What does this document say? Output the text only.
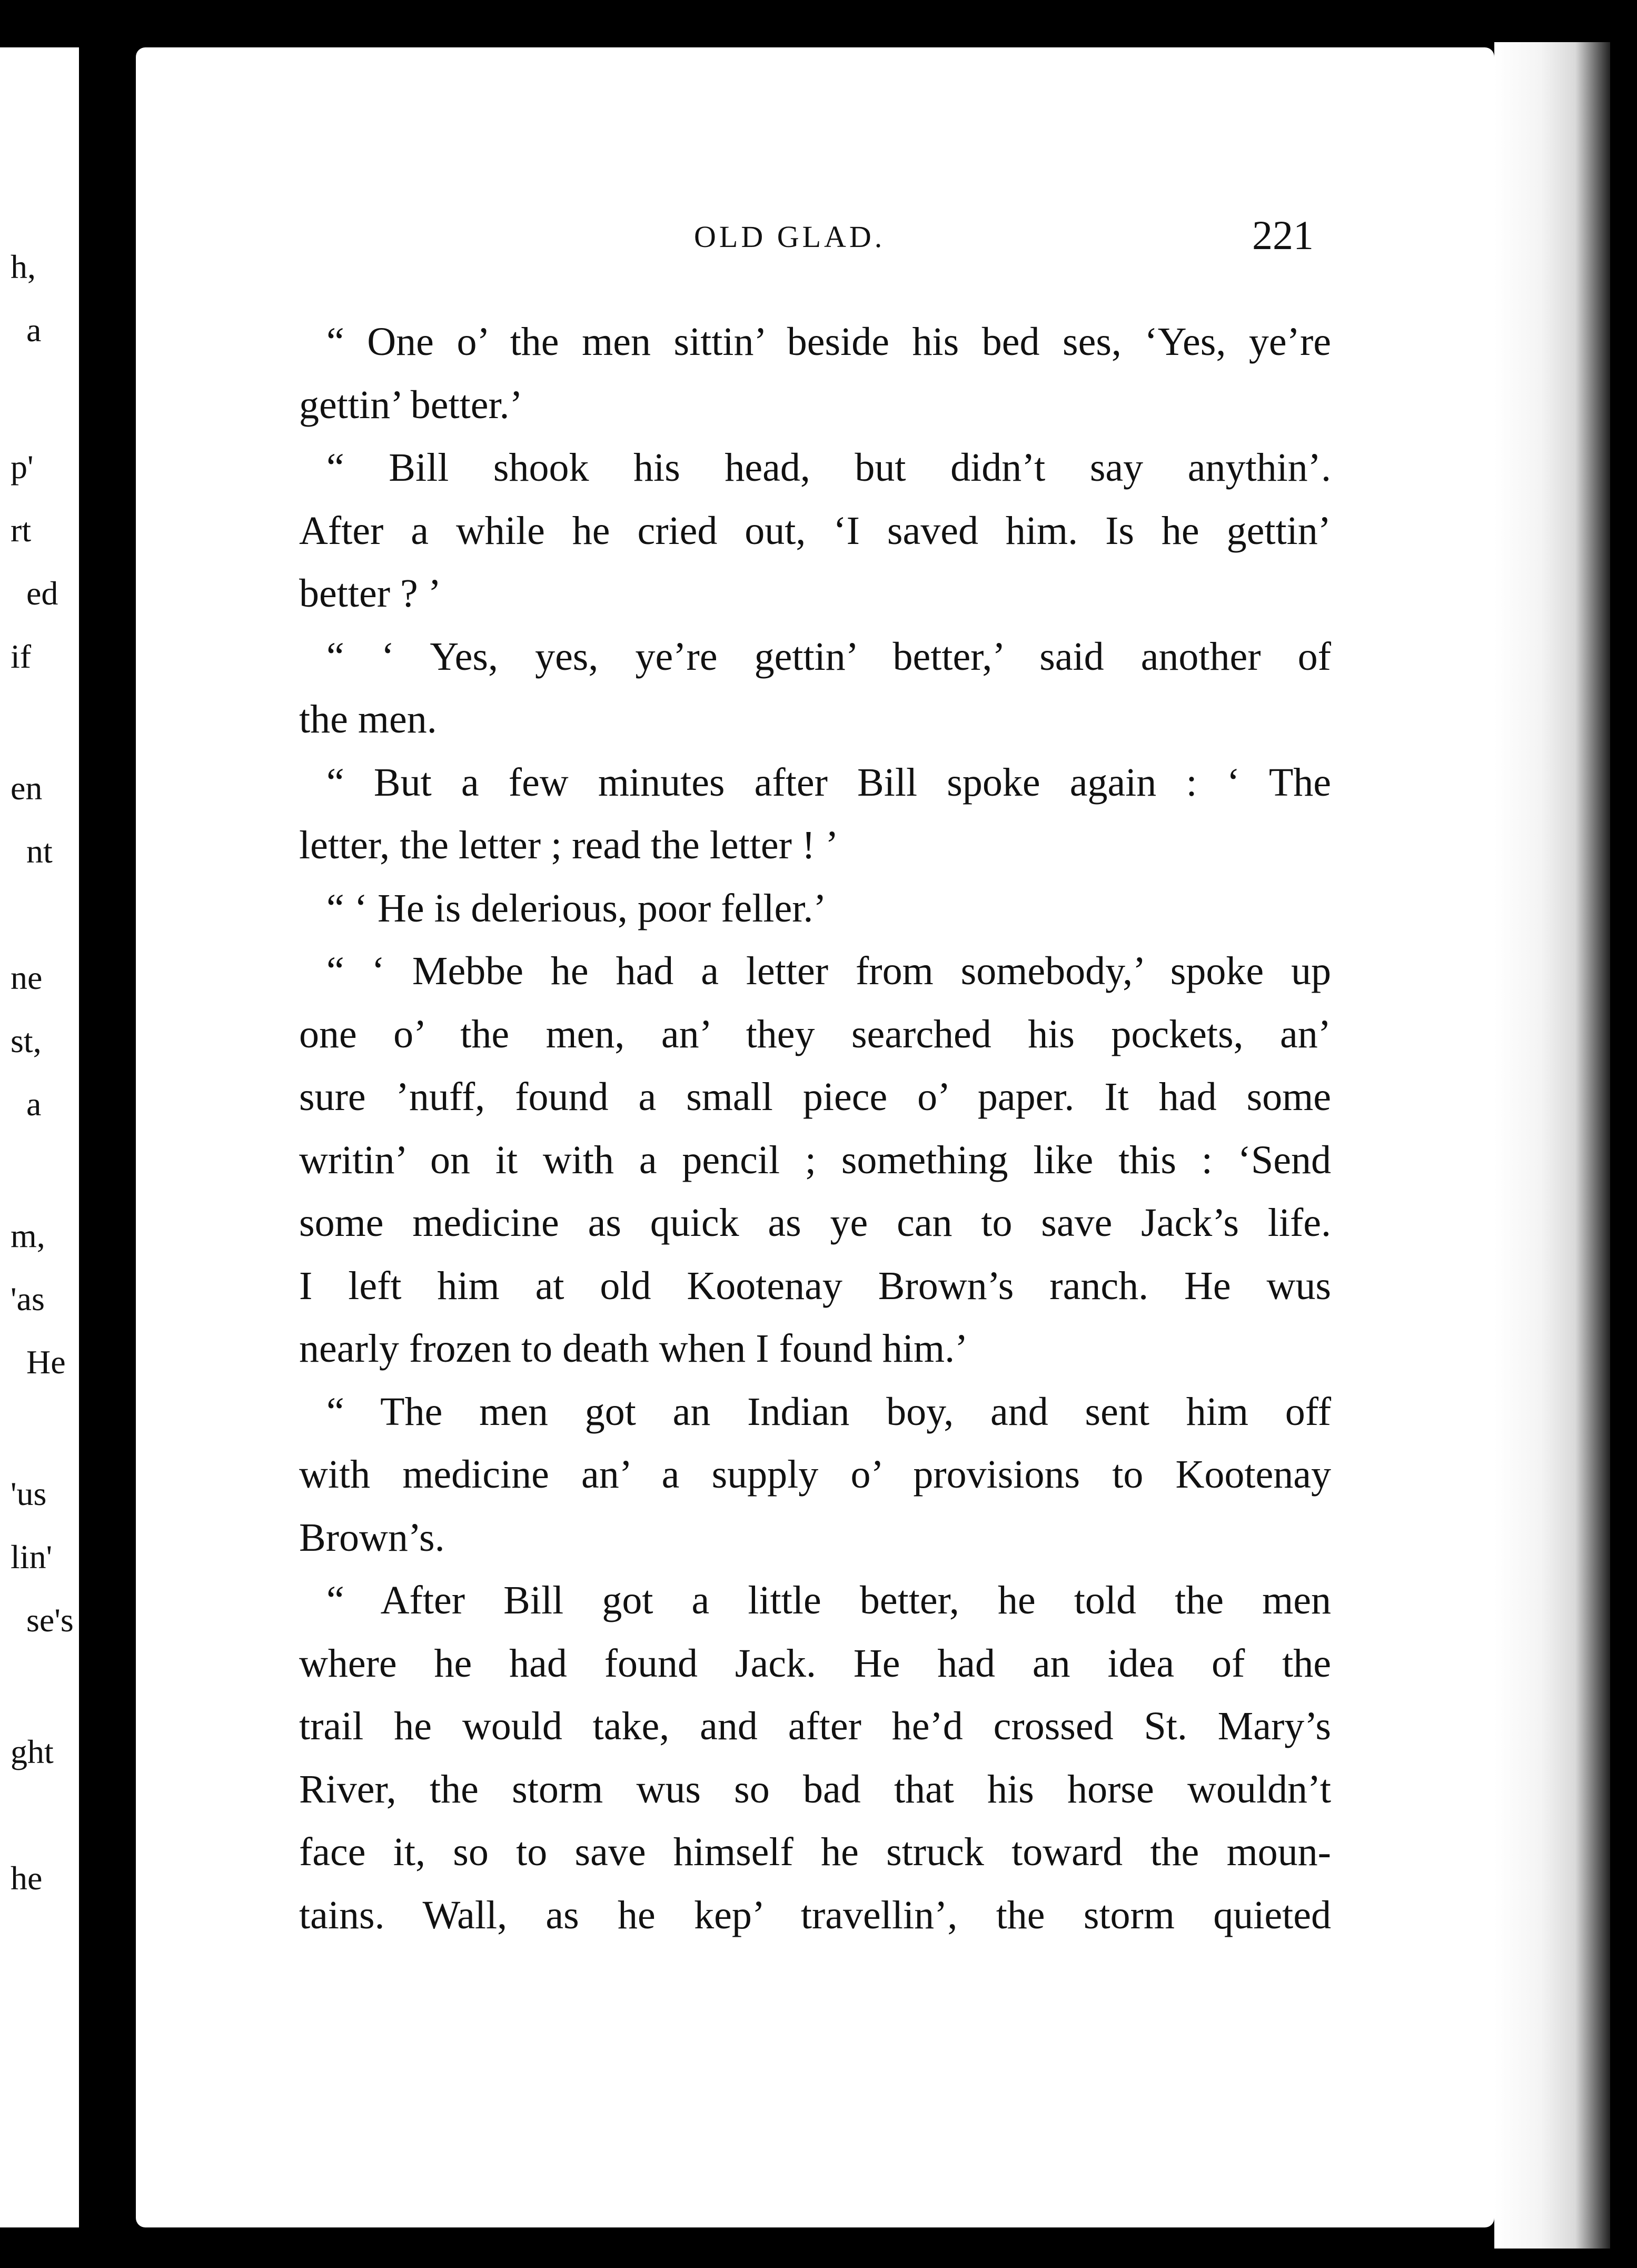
h,
a
p'
rt
ed
if
en
nt
ne
st,
a
m,
'as
He
'us
lin'
se's
ght
he
OLD GLAD.	221
“ One o’ the men sittin’ beside his bed ses, ‘Yes, ye’re
gettin’ better.’
“ Bill shook his head, but didn’t say anythin’.
After a while he cried out, ‘I saved him. Is he gettin’
better ? ’
“ ‘ Yes, yes, ye’re gettin’ better,’ said another of
the men.
“ But a few minutes after Bill spoke again : ‘ The
letter, the letter ; read the letter ! ’
“ ‘ He is delerious, poor feller.’
“ ‘ Mebbe he had a letter from somebody,’ spoke up
one o’ the men, an’ they searched his pockets, an’
sure ’nuff, found a small piece o’ paper. It had some
writin’ on it with a pencil ; something like this : ‘Send
some medicine as quick as ye can to save Jack’s life.
I left him at old Kootenay Brown’s ranch. He wus
nearly frozen to death when I found him.’
“ The men got an Indian boy, and sent him off
with medicine an’ a supply o’ provisions to Kootenay
Brown’s.
“ After Bill got a little better, he told the men
where he had found Jack. He had an idea of the
trail he would take, and after he’d crossed St. Mary’s
River, the storm wus so bad that his horse wouldn’t
face it, so to save himself he struck toward the moun-
tains. Wall, as he kep’ travellin’, the storm quieted
